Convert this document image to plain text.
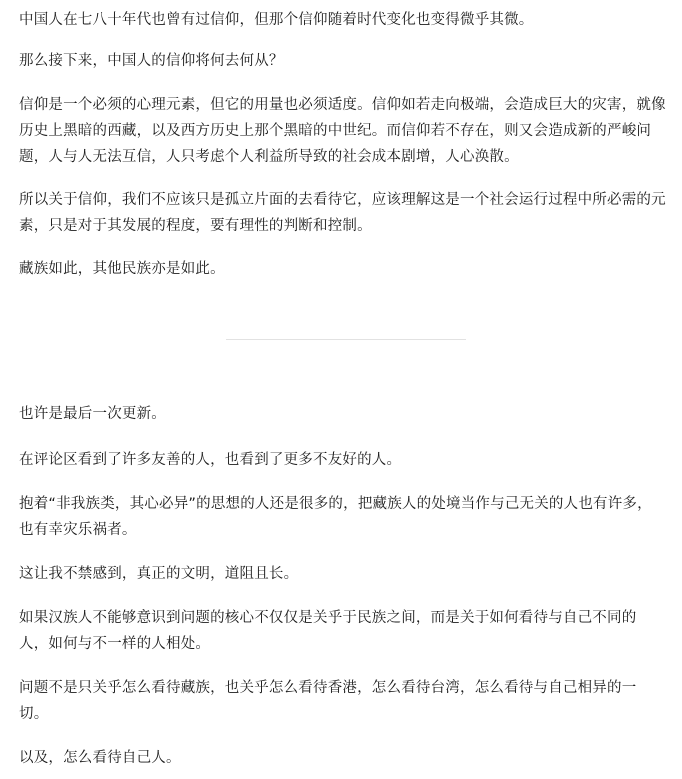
中国人在七八十年代也曾有过信仰，但那个信仰随着时代变化也变得微乎其微。

那么接下来，中国人的信仰将何去何从？

信仰是一个必须的心理元素，但它的用量也必须适度。信仰如若走向极端，会造成巨大的灾害，就像历史上黑暗的西藏，以及西方历史上那个黑暗的中世纪。而信仰若不存在，则又会造成新的严峻问题，人与人无法互信，人只考虑个人利益所导致的社会成本剧增，人心涣散。

所以关于信仰，我们不应该只是孤立片面的去看待它，应该理解这是一个社会运行过程中所必需的元素，只是对于其发展的程度，要有理性的判断和控制。

藏族如此，其他民族亦是如此。

也许是最后一次更新。

在评论区看到了许多友善的人，也看到了更多不友好的人。

抱着“非我族类，其心必异”的思想的人还是很多的，把藏族人的处境当作与己无关的人也有许多，也有幸灾乐祸者。

这让我不禁感到，真正的文明，道阻且长。

如果汉族人不能够意识到问题的核心不仅仅是关乎于民族之间，而是关于如何看待与自己不同的人，如何与不一样的人相处。

问题不是只关乎怎么看待藏族，也关乎怎么看待香港，怎么看待台湾，怎么看待与自己相异的一切。

以及，怎么看待自己人。
